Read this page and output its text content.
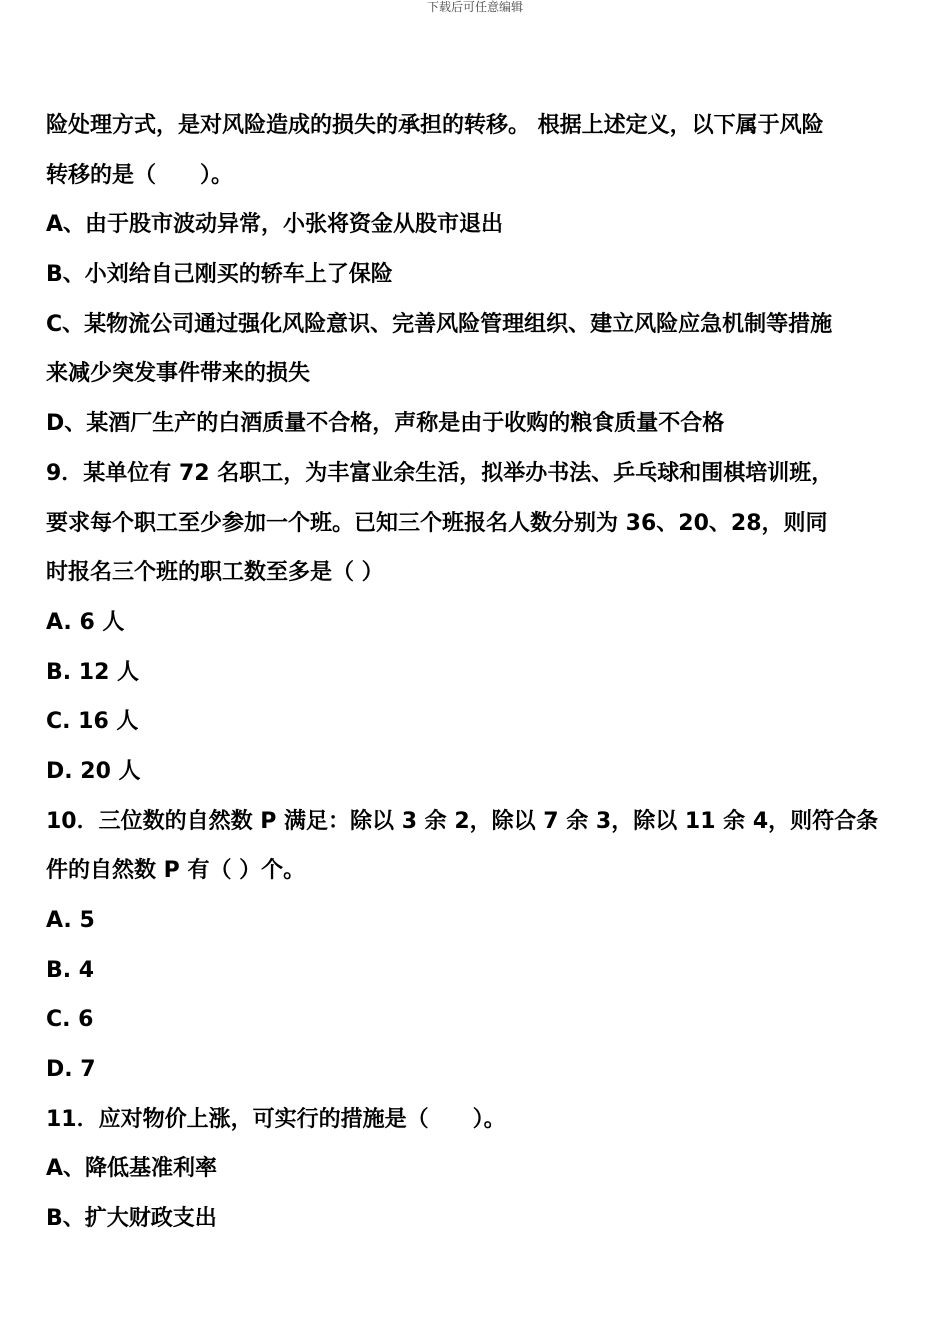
下载后可任意编辑
险处理方式，是对风险造成的损失的承担的转移。 根据上述定义，以下属于风险
转移的是（　　）。
A、由于股市波动异常，小张将资金从股市退出
B、小刘给自己刚买的轿车上了保险
C、某物流公司通过强化风险意识、完善风险管理组织、建立风险应急机制等措施
来减少突发事件带来的损失
D、某酒厂生产的白酒质量不合格，声称是由于收购的粮食质量不合格
9．某单位有 72 名职工，为丰富业余生活，拟举办书法、乒乓球和围棋培训班，
要求每个职工至少参加一个班。已知三个班报名人数分别为 36、20、28，则同
时报名三个班的职工数至多是（ ）
A. 6 人
B. 12 人
C. 16 人
D. 20 人
10．三位数的自然数 P 满足：除以 3 余 2，除以 7 余 3，除以 11 余 4，则符合条
件的自然数 P 有（ ）个。
A. 5
B. 4
C. 6
D. 7
11．应对物价上涨，可实行的措施是（　　）。
A、降低基准利率
B、扩大财政支出
